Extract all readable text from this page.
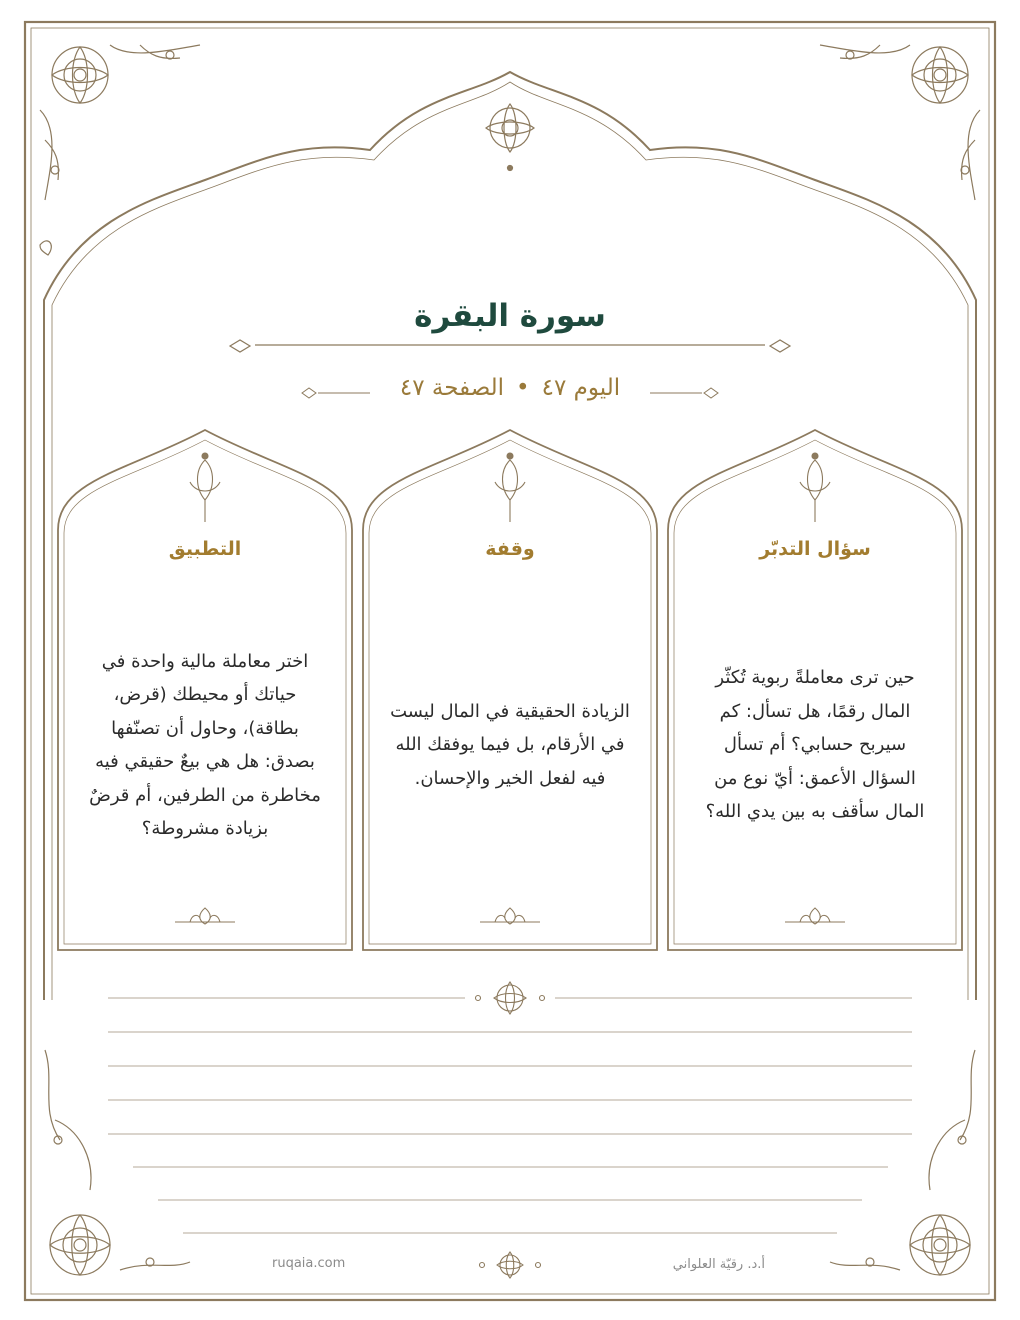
سورة البقرة
اليوم ٤٧•الصفحة ٤٧
سؤال التدبّر
حين ترى معاملةً ربوية تُكثّر المال رقمًا، هل تسأل: كم سيربح حسابي؟ أم تسأل السؤال الأعمق: أيّ نوع من المال سأقف به بين يدي الله؟
وقفة
الزيادة الحقيقية في المال ليست في الأرقام، بل فيما يوفقك الله فيه لفعل الخير والإحسان.
التطبيق
اختر معاملة مالية واحدة في حياتك أو محيطك (قرض، بطاقة)، وحاول أن تصنّفها بصدق: هل هي بيعٌ حقيقي فيه مخاطرة من الطرفين، أم قرضٌ بزيادة مشروطة؟
ruqaia.com	أ.د. رقيّة العلواني
